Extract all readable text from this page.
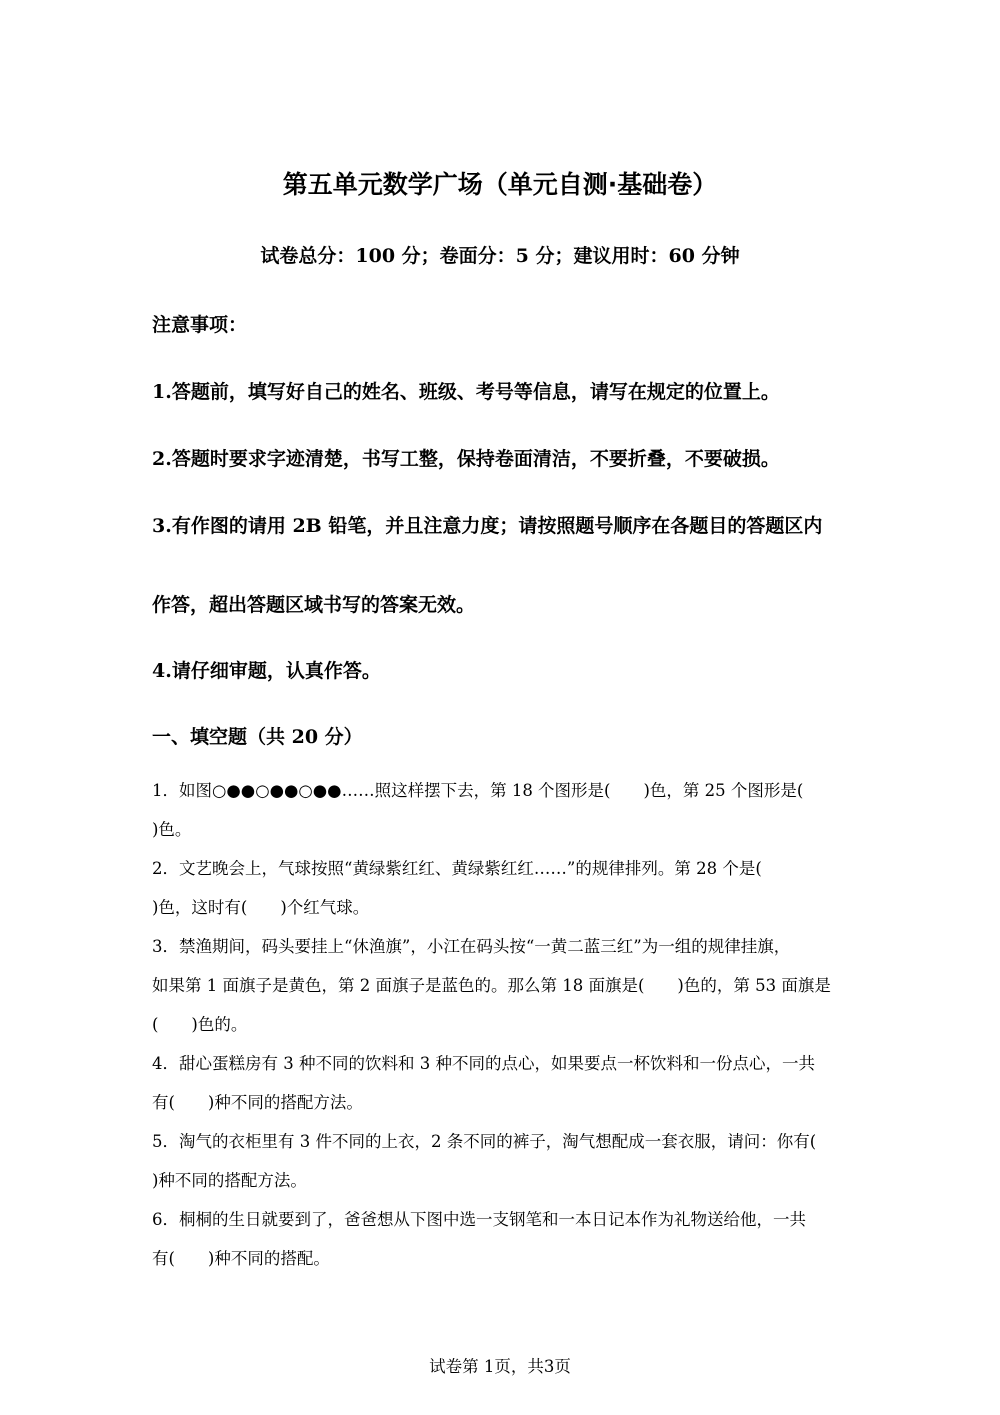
第五单元数学广场（单元自测·基础卷）
试卷总分：100 分；卷面分：5 分；建议用时：60 分钟
注意事项：
1.答题前，填写好自己的姓名、班级、考号等信息，请写在规定的位置上。
2.答题时要求字迹清楚，书写工整，保持卷面清洁，不要折叠，不要破损。
3.有作图的请用 2B 铅笔，并且注意力度；请按照题号顺序在各题目的答题区内
作答，超出答题区域书写的答案无效。
4.请仔细审题，认真作答。
一、填空题（共 20 分）
1．如图○●●○●●○●●……照这样摆下去，第 18 个图形是(　　)色，第 25 个图形是(
)色。
2．文艺晚会上，气球按照“黄绿紫红红、黄绿紫红红……”的规律排列。第 28 个是(
)色，这时有(　　)个红气球。
3．禁渔期间，码头要挂上“休渔旗”，小江在码头按“一黄二蓝三红”为一组的规律挂旗，
如果第 1 面旗子是黄色，第 2 面旗子是蓝色的。那么第 18 面旗是(　　)色的，第 53 面旗是
(　　)色的。
4．甜心蛋糕房有 3 种不同的饮料和 3 种不同的点心，如果要点一杯饮料和一份点心，一共
有(　　)种不同的搭配方法。
5．淘气的衣柜里有 3 件不同的上衣，2 条不同的裤子，淘气想配成一套衣服，请问：你有(
)种不同的搭配方法。
6．桐桐的生日就要到了，爸爸想从下图中选一支钢笔和一本日记本作为礼物送给他，一共
有(　　)种不同的搭配。
试卷第 1页，共3页
